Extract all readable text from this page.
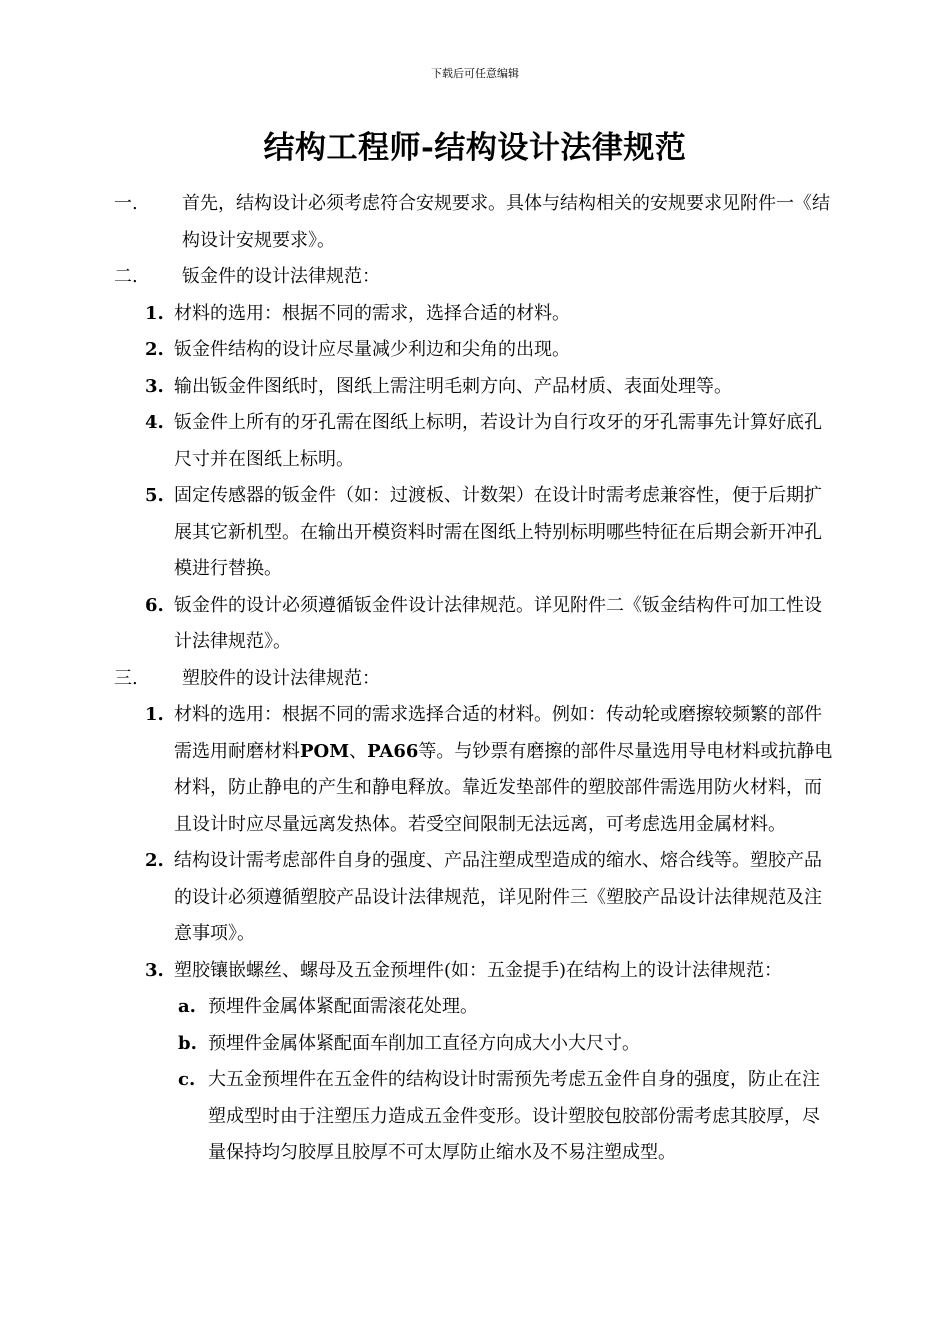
下载后可任意编辑
结构工程师-结构设计法律规范
一. 首先，结构设计必须考虑符合安规要求。具体与结构相关的安规要求见附件一《结构设计安规要求》。
二. 钣金件的设计法律规范：
1. 材料的选用：根据不同的需求，选择合适的材料。
2. 钣金件结构的设计应尽量减少利边和尖角的出现。
3. 输出钣金件图纸时，图纸上需注明毛刺方向、产品材质、表面处理等。
4. 钣金件上所有的牙孔需在图纸上标明，若设计为自行攻牙的牙孔需事先计算好底孔尺寸并在图纸上标明。
5. 固定传感器的钣金件（如：过渡板、计数架）在设计时需考虑兼容性，便于后期扩展其它新机型。在输出开模资料时需在图纸上特别标明哪些特征在后期会新开冲孔模进行替换。
6. 钣金件的设计必须遵循钣金件设计法律规范。详见附件二《钣金结构件可加工性设计法律规范》。
三. 塑胶件的设计法律规范：
1. 材料的选用：根据不同的需求选择合适的材料。例如：传动轮或磨擦较频繁的部件需选用耐磨材料POM、PA66等。与钞票有磨擦的部件尽量选用导电材料或抗静电材料，防止静电的产生和静电释放。靠近发垫部件的塑胶部件需选用防火材料，而且设计时应尽量远离发热体。若受空间限制无法远离，可考虑选用金属材料。
2. 结构设计需考虑部件自身的强度、产品注塑成型造成的缩水、熔合线等。塑胶产品的设计必须遵循塑胶产品设计法律规范，详见附件三《塑胶产品设计法律规范及注意事项》。
3. 塑胶镶嵌螺丝、螺母及五金预埋件(如：五金提手)在结构上的设计法律规范：
a. 预埋件金属体紧配面需滚花处理。
b. 预埋件金属体紧配面车削加工直径方向成大小大尺寸。
c. 大五金预埋件在五金件的结构设计时需预先考虑五金件自身的强度，防止在注塑成型时由于注塑压力造成五金件变形。设计塑胶包胶部份需考虑其胶厚，尽量保持均匀胶厚且胶厚不可太厚防止缩水及不易注塑成型。
